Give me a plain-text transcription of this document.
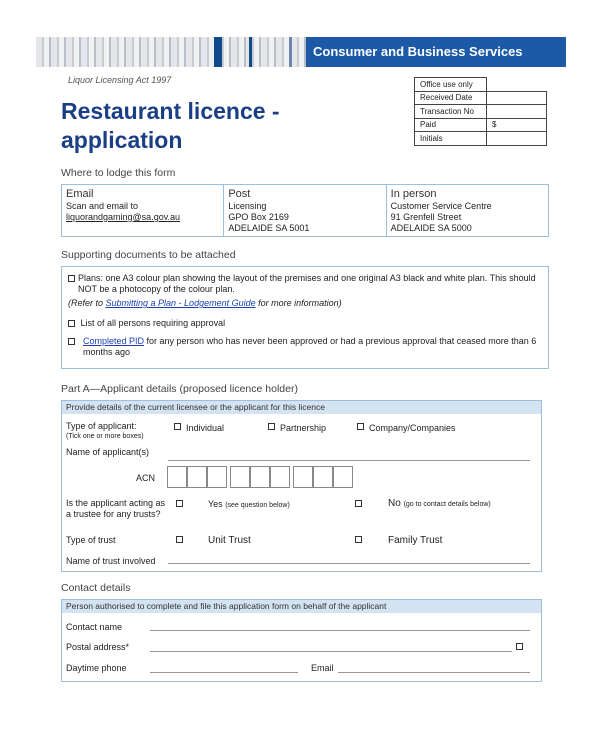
Consumer and Business Services
Liquor Licensing Act 1997
Restaurant licence - application
Office use only	
Received Date	
Transaction No	
Paid	$
Initials	
Where to lodge this form
Email
Scan and email to
liquorandgaming@sa.gov.au
Post
Licensing
GPO Box 2169
ADELAIDE SA 5001
In person
Customer Service Centre
91 Grenfell Street
ADELAIDE SA 5000
Supporting documents to be attached
Plans: one A3 colour plan showing the layout of the premises and one original A3 black and white plan. This should NOT be a photocopy of the colour plan.
(Refer to Submitting a Plan - Lodgement Guide for more information)
List of all persons requiring approval
Completed PID for any person who has never been approved or had a previous approval that ceased more than 6 months ago
Part A—Applicant details (proposed licence holder)
Provide details of the current licensee or the applicant for this licence
Type of applicant:
(Tick one or more boxes)
Individual	Partnership	Company/Companies
Name of applicant(s)
ACN
Is the applicant acting as a trustee for any trusts?
Yes (see question below)	No (go to contact details below)
Type of trust	Unit Trust	Family Trust
Name of trust involved
Contact details
Person authorised to complete and file this application form on behalf of the applicant
Contact name
Postal address*
Daytime phone	Email
